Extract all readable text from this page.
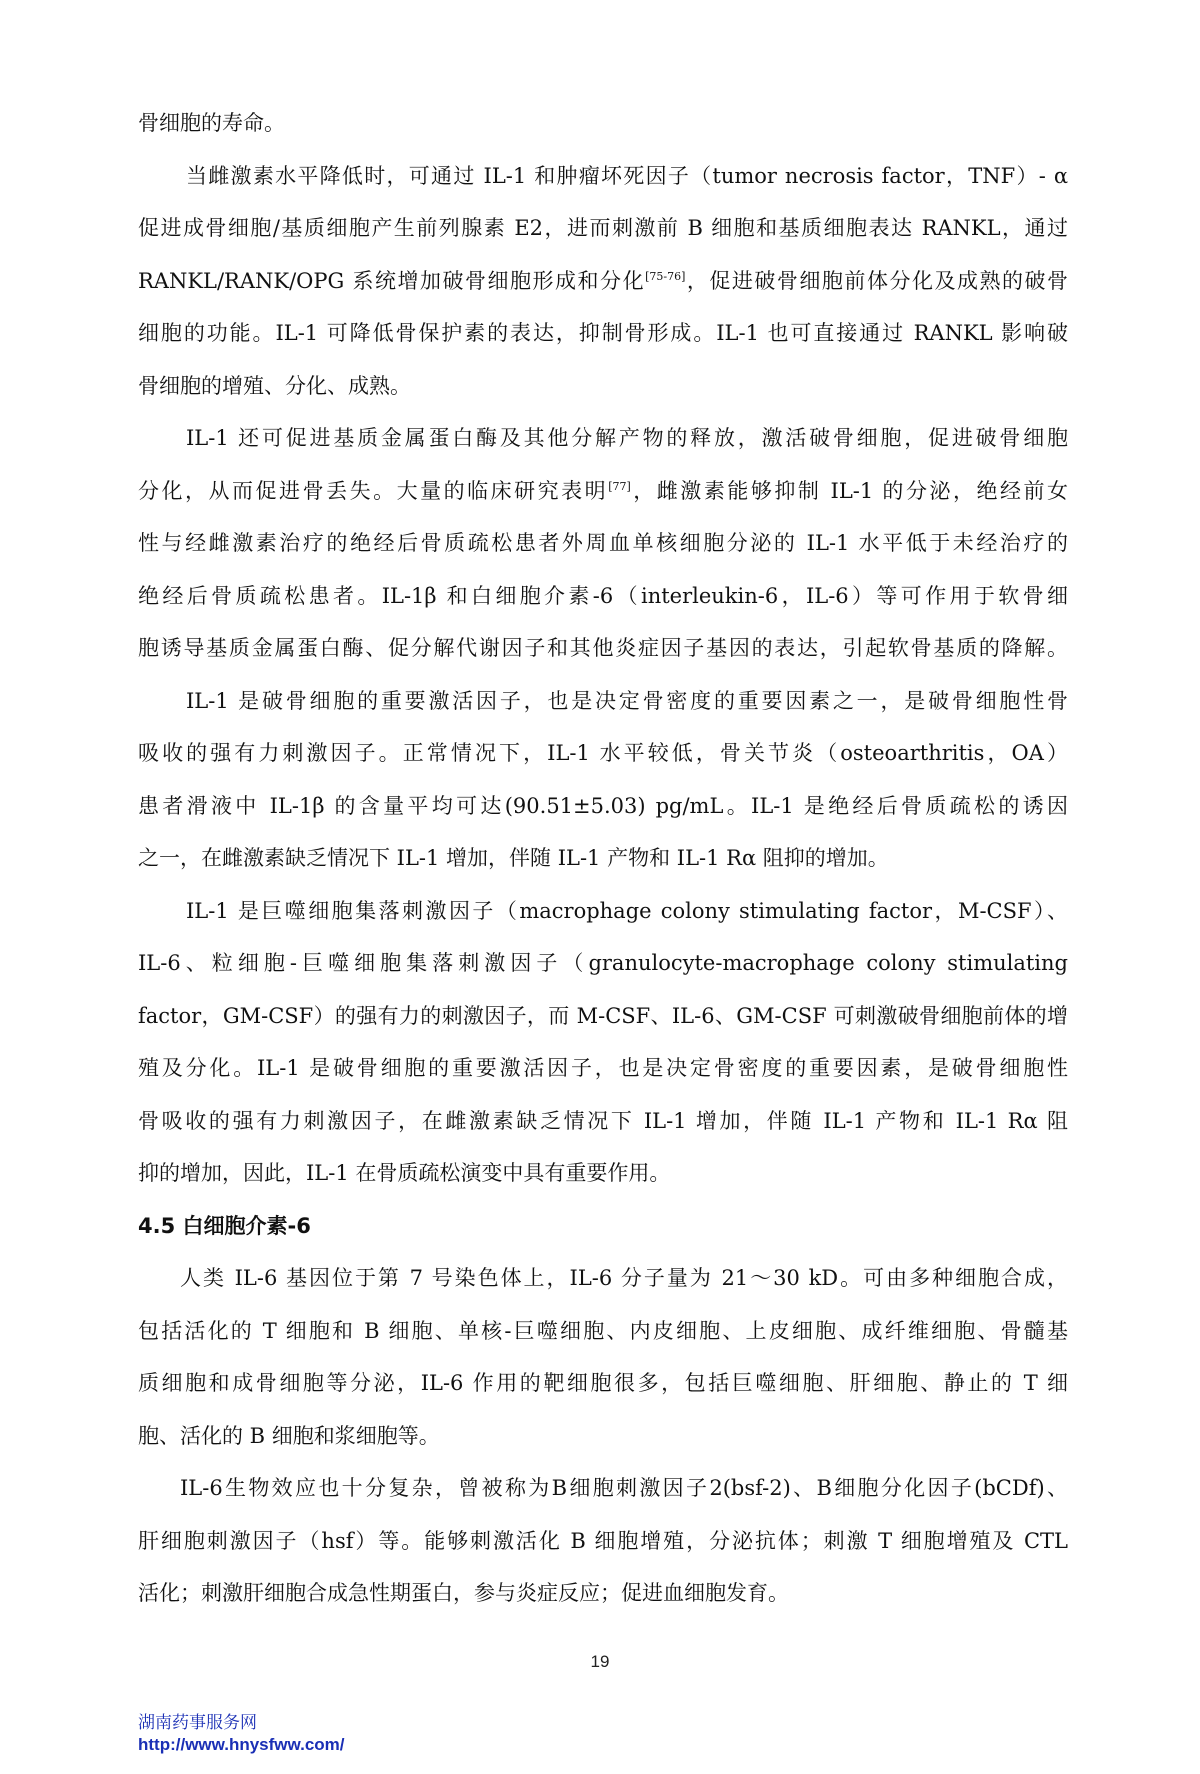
骨细胞的寿命。
当雌激素水平降低时，可通过 IL-1 和肿瘤坏死因子（tumor necrosis factor，TNF）- α
促进成骨细胞/基质细胞产生前列腺素 E2，进而刺激前 B 细胞和基质细胞表达 RANKL，通过
RANKL/RANK/OPG 系统增加破骨细胞形成和分化[75-76]，促进破骨细胞前体分化及成熟的破骨
细胞的功能。IL-1 可降低骨保护素的表达，抑制骨形成。IL-1 也可直接通过 RANKL 影响破
骨细胞的增殖、分化、成熟。
IL-1 还可促进基质金属蛋白酶及其他分解产物的释放，激活破骨细胞，促进破骨细胞
分化，从而促进骨丢失。大量的临床研究表明[77]，雌激素能够抑制 IL-1 的分泌，绝经前女
性与经雌激素治疗的绝经后骨质疏松患者外周血单核细胞分泌的 IL-1 水平低于未经治疗的
绝经后骨质疏松患者。IL-1β 和白细胞介素-6（interleukin-6，IL-6）等可作用于软骨细
胞诱导基质金属蛋白酶、促分解代谢因子和其他炎症因子基因的表达，引起软骨基质的降解。
IL-1 是破骨细胞的重要激活因子，也是决定骨密度的重要因素之一，是破骨细胞性骨
吸收的强有力刺激因子。正常情况下，IL-1 水平较低，骨关节炎（osteoarthritis，OA）
患者滑液中 IL-1β 的含量平均可达(90.51±5.03) pg/mL。IL-1 是绝经后骨质疏松的诱因
之一，在雌激素缺乏情况下 IL-1 增加，伴随 IL-1 产物和 IL-1 Rα 阻抑的增加。
IL-1 是巨噬细胞集落刺激因子（macrophage colony stimulating factor，M-CSF）、
IL-6、粒细胞-巨噬细胞集落刺激因子（granulocyte-macrophage colony stimulating
factor，GM-CSF）的强有力的刺激因子，而 M-CSF、IL-6、GM-CSF 可刺激破骨细胞前体的增
殖及分化。IL-1 是破骨细胞的重要激活因子，也是决定骨密度的重要因素，是破骨细胞性
骨吸收的强有力刺激因子，在雌激素缺乏情况下 IL-1 增加，伴随 IL-1 产物和 IL-1 Rα 阻
抑的增加，因此，IL-1 在骨质疏松演变中具有重要作用。
4.5 白细胞介素-6
人类 IL-6 基因位于第 7 号染色体上，IL-6 分子量为 21～30 kD。可由多种细胞合成，
包括活化的 T 细胞和 B 细胞、单核-巨噬细胞、内皮细胞、上皮细胞、成纤维细胞、骨髓基
质细胞和成骨细胞等分泌，IL-6 作用的靶细胞很多，包括巨噬细胞、肝细胞、静止的 T 细
胞、活化的 B 细胞和浆细胞等。
IL-6生物效应也十分复杂，曾被称为B细胞刺激因子2(bsf-2)、B细胞分化因子(bCDf)、
肝细胞刺激因子（hsf）等。能够刺激活化 B 细胞增殖，分泌抗体；刺激 T 细胞增殖及 CTL
活化；刺激肝细胞合成急性期蛋白，参与炎症反应；促进血细胞发育。
19
湖南药事服务网
http://www.hnysfww.com/
